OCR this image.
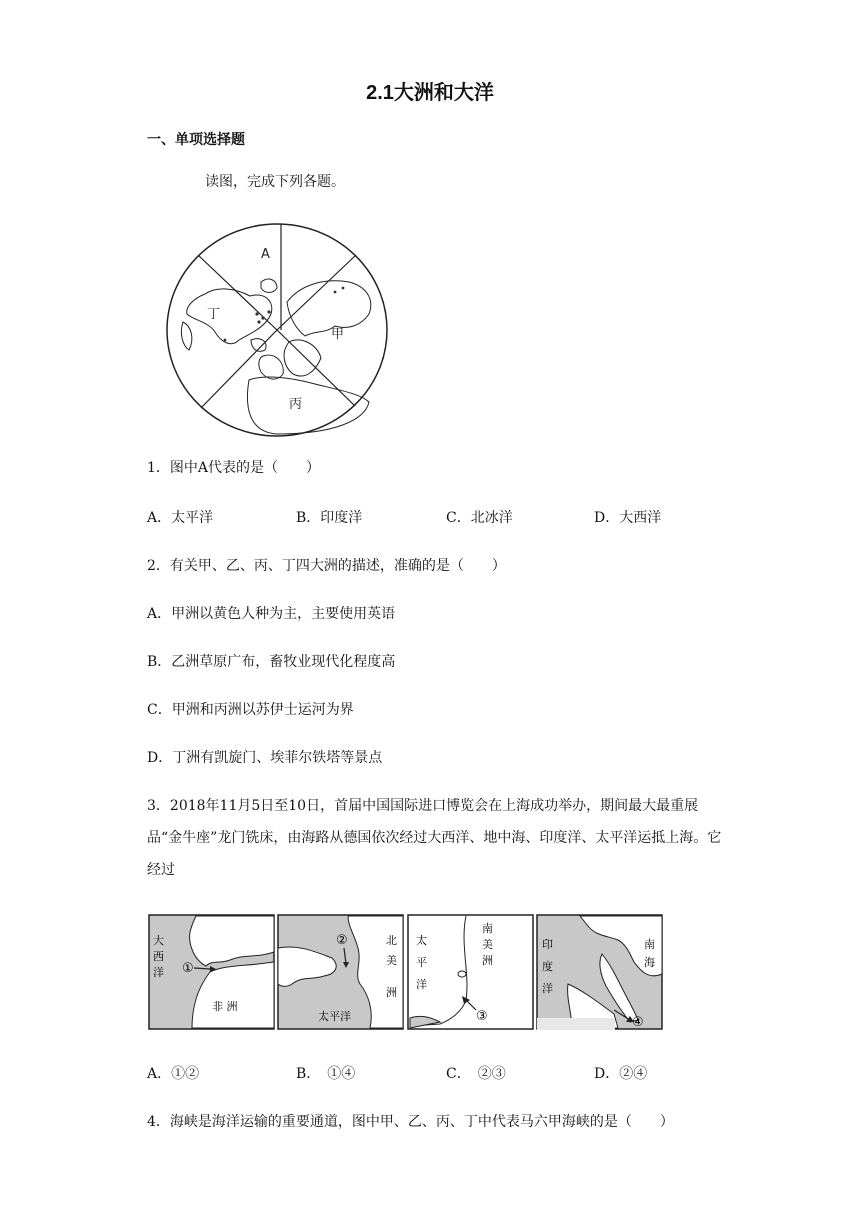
2.1大洲和大洋
一、单项选择题
读图，完成下列各题。
A
丁
甲
丙
1．图中A代表的是（　　）
A．太平洋	B．印度洋	C．北冰洋	D．大西洋
2．有关甲、乙、丙、丁四大洲的描述，准确的是（　　）
A．甲洲以黄色人种为主，主要使用英语
B．乙洲草原广布，畜牧业现代化程度高
C．甲洲和丙洲以苏伊士运河为界
D．丁洲有凯旋门、埃菲尔铁塔等景点
3．2018年11月5日至10日，首届中国国际进口博览会在上海成功举办，期间最大最重展品“金牛座”龙门铣床，由海路从德国依次经过大西洋、地中海、印度洋、太平洋运抵上海。它经过
大
西
洋 ①
非 洲
②
太平洋
北
美
洲
太
平
洋
南
美
洲
③
印
度
洋
南
海
④
A．①②	B．　①④	C．　②③	D．②④
4．海峡是海洋运输的重要通道，图中甲、乙、丙、丁中代表马六甲海峡的是（　　）
